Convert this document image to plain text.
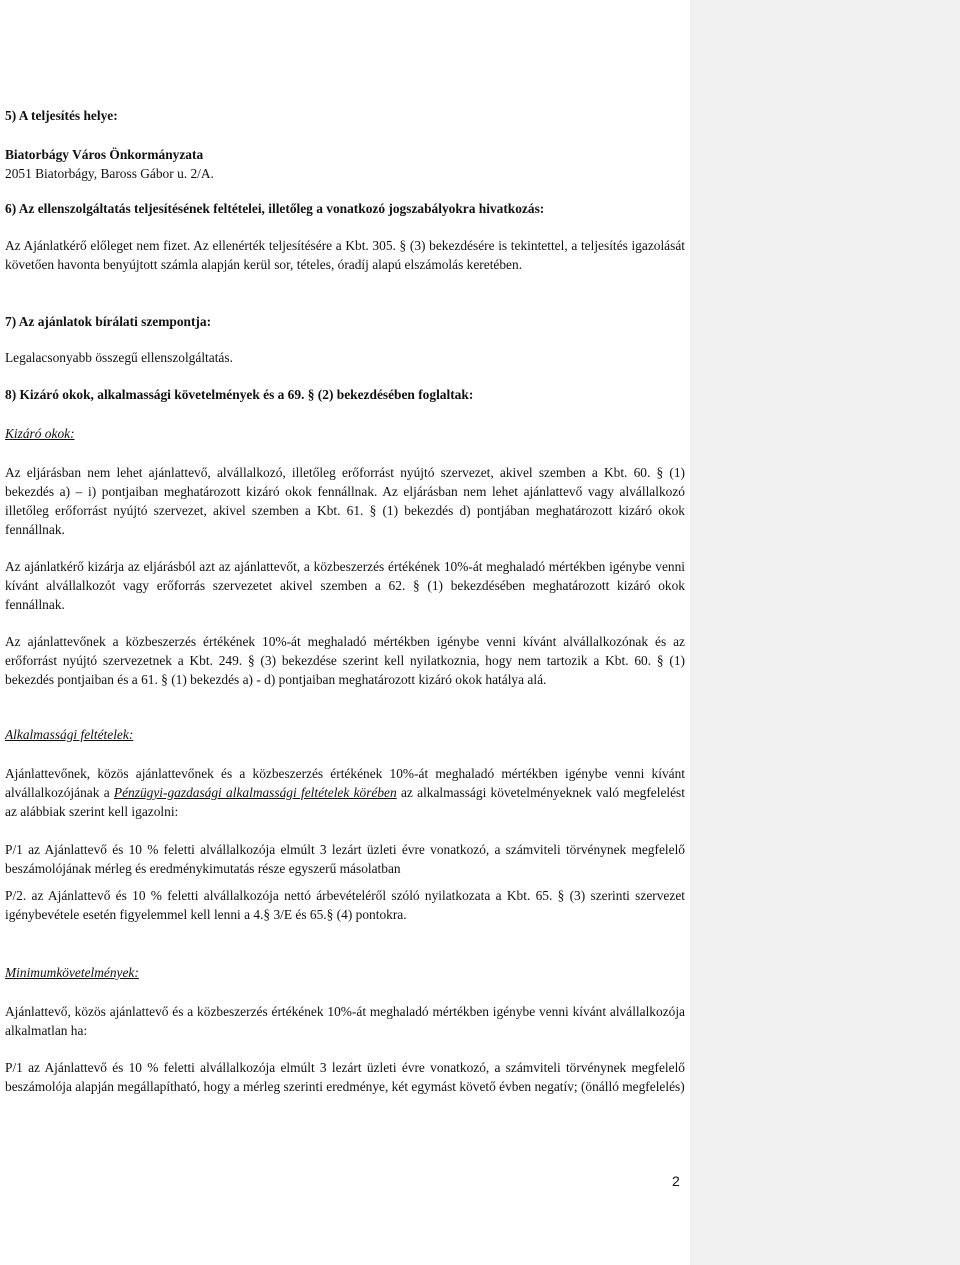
5) A teljesítés helye:
Biatorbágy Város Önkormányzata
2051 Biatorbágy, Baross Gábor u. 2/A.
6) Az ellenszolgáltatás teljesítésének feltételei, illetőleg a vonatkozó jogszabályokra hivatkozás:
Az Ajánlatkérő előleget nem fizet. Az ellenérték teljesítésére a Kbt. 305. § (3) bekezdésére is tekintettel, a teljesítés igazolását követően havonta benyújtott számla alapján kerül sor, tételes, óradíj alapú elszámolás keretében.
7) Az ajánlatok bírálati szempontja:
Legalacsonyabb összegű ellenszolgáltatás.
8) Kizáró okok, alkalmassági követelmények és a 69. § (2) bekezdésében foglaltak:
Kizáró okok:
Az eljárásban nem lehet ajánlattevő, alvállalkozó, illetőleg erőforrást nyújtó szervezet, akivel szemben a Kbt. 60. § (1) bekezdés a) – i) pontjaiban meghatározott kizáró okok fennállnak. Az eljárásban nem lehet ajánlattevő vagy alvállalkozó illetőleg erőforrást nyújtó szervezet, akivel szemben a Kbt. 61. § (1) bekezdés d) pontjában meghatározott kizáró okok fennállnak.
Az ajánlatkérő kizárja az eljárásból azt az ajánlattevőt, a közbeszerzés értékének 10%-át meghaladó mértékben igénybe venni kívánt alvállalkozót vagy erőforrás szervezetet akivel szemben a 62. § (1) bekezdésében meghatározott kizáró okok fennállnak.
Az ajánlattevőnek a közbeszerzés értékének 10%-át meghaladó mértékben igénybe venni kívánt alvállalkozónak és az erőforrást nyújtó szervezetnek a Kbt. 249. § (3) bekezdése szerint kell nyilatkoznia, hogy nem tartozik a Kbt. 60. § (1) bekezdés pontjaiban és a 61. § (1) bekezdés a) - d) pontjaiban meghatározott kizáró okok hatálya alá.
Alkalmassági feltételek:
Ajánlattevőnek, közös ajánlattevőnek és a közbeszerzés értékének 10%-át meghaladó mértékben igénybe venni kívánt alvállalkozójának a Pénzügyi-gazdasági alkalmassági feltételek körében az alkalmassági követelményeknek való megfelelést az alábbiak szerint kell igazolni:
P/1 az Ajánlattevő és 10 % feletti alvállalkozója elmúlt 3 lezárt üzleti évre vonatkozó, a számviteli törvénynek megfelelő beszámolójának mérleg és eredménykimutatás része egyszerű másolatban
P/2. az Ajánlattevő és 10 % feletti alvállalkozója nettó árbevételéről szóló nyilatkozata a Kbt. 65. § (3) szerinti szervezet igénybevétele esetén figyelemmel kell lenni a 4.§ 3/E és 65.§ (4) pontokra.
Minimumkövetelmények:
Ajánlattevő, közös ajánlattevő és a közbeszerzés értékének 10%-át meghaladó mértékben igénybe venni kívánt alvállalkozója alkalmatlan ha:
P/1 az Ajánlattevő és 10 % feletti alvállalkozója elmúlt 3 lezárt üzleti évre vonatkozó, a számviteli törvénynek megfelelő beszámolója alapján megállapítható, hogy a mérleg szerinti eredménye, két egymást követő évben negatív; (önálló megfelelés)
2
